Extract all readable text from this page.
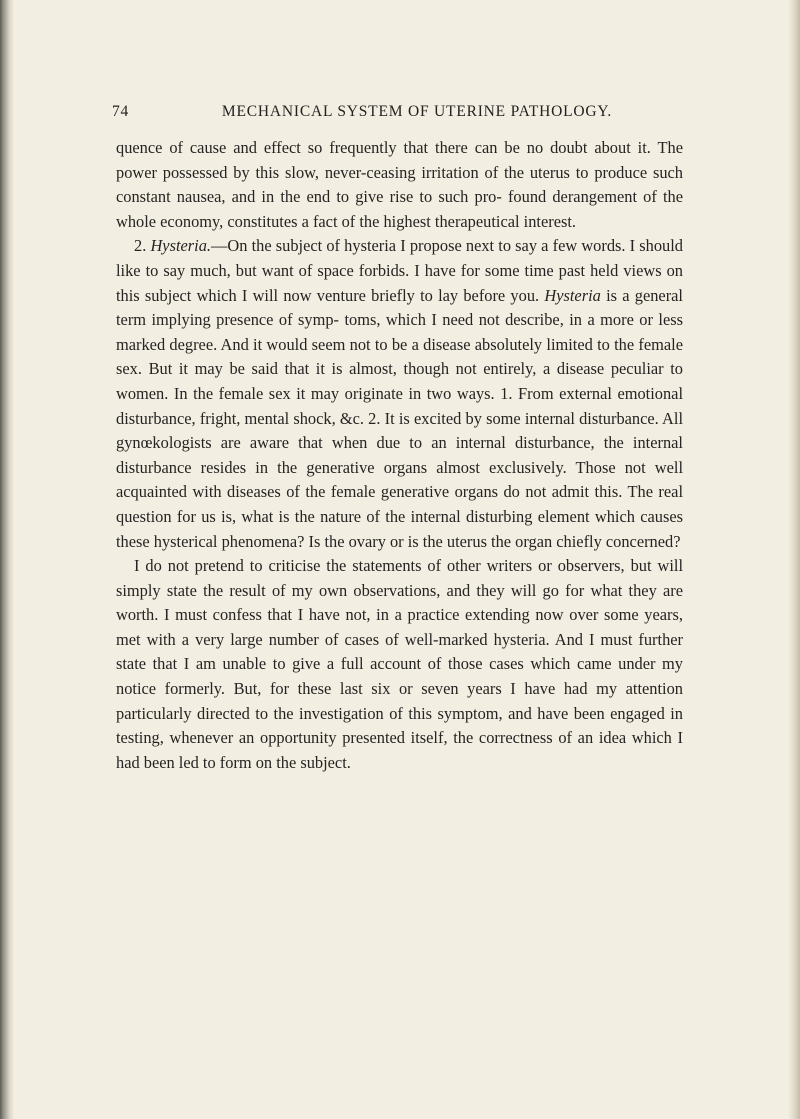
74	MECHANICAL SYSTEM OF UTERINE PATHOLOGY.

quence of cause and effect so frequently that there can be no doubt about it. The power possessed by this slow, never-ceasing irritation of the uterus to produce such constant nausea, and in the end to give rise to such pro- found derangement of the whole economy, constitutes a fact of the highest therapeutical interest.

2. Hysteria.—On the subject of hysteria I propose next to say a few words. I should like to say much, but want of space forbids. I have for some time past held views on this subject which I will now venture briefly to lay before you. Hysteria is a general term implying presence of symp- toms, which I need not describe, in a more or less marked degree. And it would seem not to be a disease absolutely limited to the female sex. But it may be said that it is almost, though not entirely, a disease peculiar to women. In the female sex it may originate in two ways. 1. From external emotional disturbance, fright, mental shock, &c. 2. It is excited by some internal disturbance. All gynœkologists are aware that when due to an internal disturbance, the internal disturbance resides in the generative organs almost exclusively. Those not well acquainted with diseases of the female generative organs do not admit this. The real question for us is, what is the nature of the internal disturbing element which causes these hysterical phenomena? Is the ovary or is the uterus the organ chiefly concerned?

I do not pretend to criticise the statements of other writers or observers, but will simply state the result of my own observations, and they will go for what they are worth. I must confess that I have not, in a practice extending now over some years, met with a very large number of cases of well-marked hysteria. And I must further state that I am unable to give a full account of those cases which came under my notice formerly. But, for these last six or seven years I have had my attention particularly directed to the investigation of this symptom, and have been engaged in testing, whenever an opportunity presented itself, the correctness of an idea which I had been led to form on the subject.
